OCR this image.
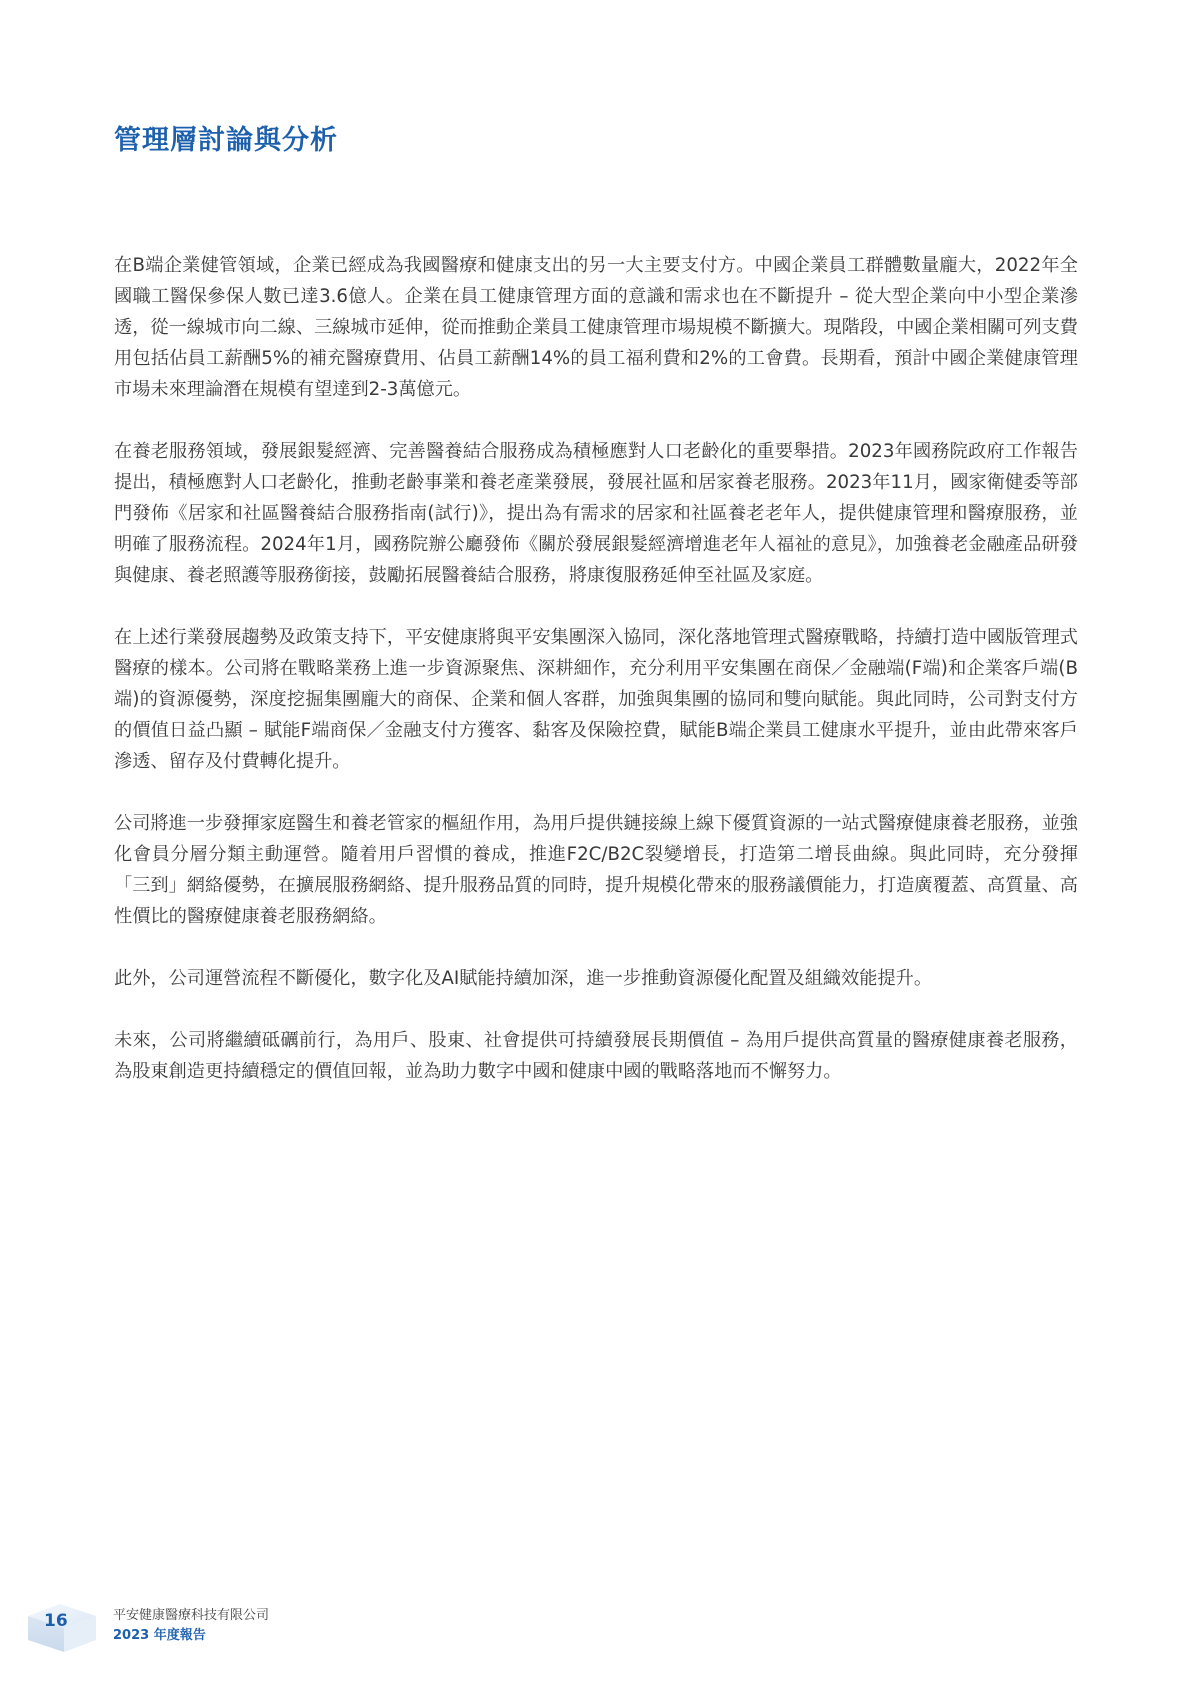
管理層討論與分析

在B端企業健管領域，企業已經成為我國醫療和健康支出的另一大主要支付方。中國企業員工群體數量龐大，2022年全國職工醫保參保人數已達3.6億人。企業在員工健康管理方面的意識和需求也在不斷提升 – 從大型企業向中小型企業滲透，從一線城市向二線、三線城市延伸，從而推動企業員工健康管理市場規模不斷擴大。現階段，中國企業相關可列支費用包括佔員工薪酬5%的補充醫療費用、佔員工薪酬14%的員工福利費和2%的工會費。長期看，預計中國企業健康管理市場未來理論潛在規模有望達到2-3萬億元。

在養老服務領域，發展銀髮經濟、完善醫養結合服務成為積極應對人口老齡化的重要舉措。2023年國務院政府工作報告提出，積極應對人口老齡化，推動老齡事業和養老產業發展，發展社區和居家養老服務。2023年11月，國家衛健委等部門發佈《居家和社區醫養結合服務指南(試行)》，提出為有需求的居家和社區養老老年人，提供健康管理和醫療服務，並明確了服務流程。2024年1月，國務院辦公廳發佈《關於發展銀髮經濟增進老年人福祉的意見》，加強養老金融產品研發與健康、養老照護等服務銜接，鼓勵拓展醫養結合服務，將康復服務延伸至社區及家庭。

在上述行業發展趨勢及政策支持下，平安健康將與平安集團深入協同，深化落地管理式醫療戰略，持續打造中國版管理式醫療的樣本。公司將在戰略業務上進一步資源聚焦、深耕細作，充分利用平安集團在商保／金融端(F端)和企業客戶端(B端)的資源優勢，深度挖掘集團龐大的商保、企業和個人客群，加強與集團的協同和雙向賦能。與此同時，公司對支付方的價值日益凸顯 – 賦能F端商保／金融支付方獲客、黏客及保險控費，賦能B端企業員工健康水平提升，並由此帶來客戶滲透、留存及付費轉化提升。

公司將進一步發揮家庭醫生和養老管家的樞紐作用，為用戶提供鏈接線上線下優質資源的一站式醫療健康養老服務，並強化會員分層分類主動運營。隨着用戶習慣的養成，推進F2C/B2C裂變增長，打造第二增長曲線。與此同時，充分發揮「三到」網絡優勢，在擴展服務網絡、提升服務品質的同時，提升規模化帶來的服務議價能力，打造廣覆蓋、高質量、高性價比的醫療健康養老服務網絡。

此外，公司運營流程不斷優化，數字化及AI賦能持續加深，進一步推動資源優化配置及組織效能提升。

未來，公司將繼續砥礪前行，為用戶、股東、社會提供可持續發展長期價值 – 為用戶提供高質量的醫療健康養老服務，為股東創造更持續穩定的價值回報，並為助力數字中國和健康中國的戰略落地而不懈努力。

16	平安健康醫療科技有限公司
2023 年度報告
